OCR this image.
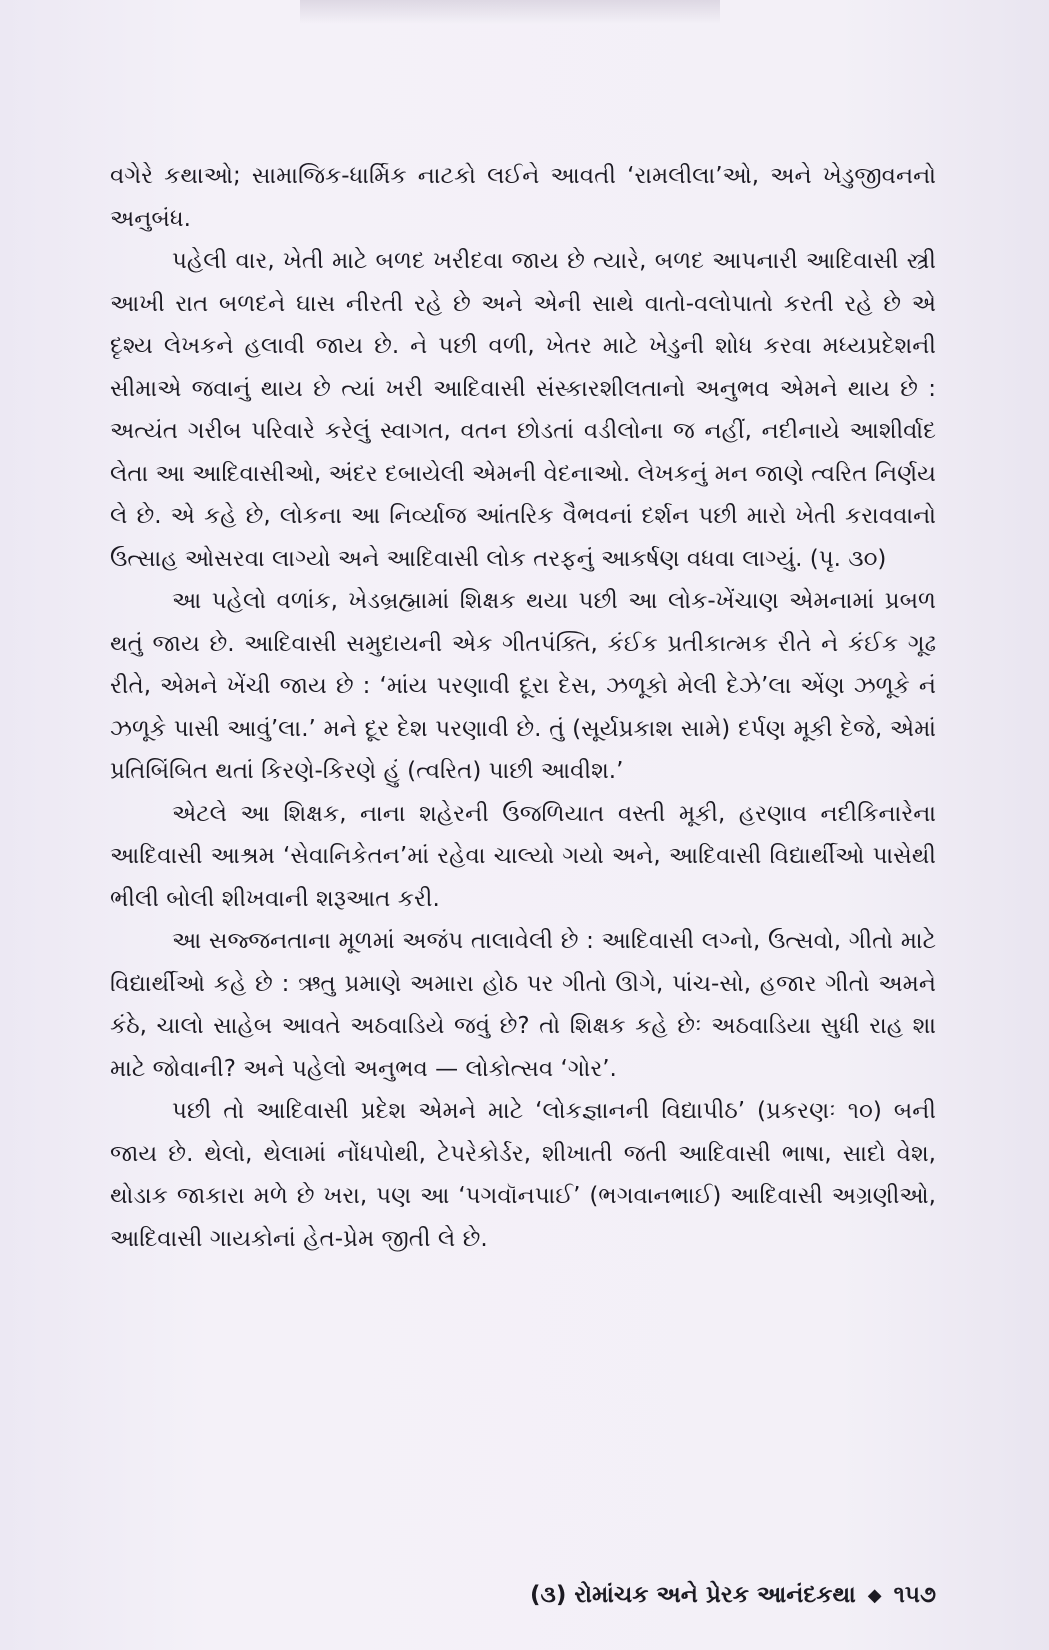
વગેરે કથાઓ; સામાજિક-ધાર્મિક નાટકો લઈને આવતી ‘રામલીલા’ઓ, અને ખેડુજીવનનો અનુબંધ.

પહેલી વાર, ખેતી માટે બળદ ખરીદવા જાય છે ત્યારે, બળદ આપનારી આદિવાસી સ્ત્રી આખી રાત બળદને ઘાસ નીરતી રહે છે અને એની સાથે વાતો-વલોપાતો કરતી રહે છે એ દૃશ્ય લેખકને હલાવી જાય છે. ને પછી વળી, ખેતર માટે ખેડુની શોધ કરવા મધ્યપ્રદેશની સીમાએ જવાનું થાય છે ત્યાં ખરી આદિવાસી સંસ્કારશીલતાનો અનુભવ એમને થાય છે : અત્યંત ગરીબ પરિવારે કરેલું સ્વાગત, વતન છોડતાં વડીલોના જ નહીં, નદીનાયે આશીર્વાદ લેતા આ આદિવાસીઓ, અંદર દબાયેલી એમની વેદનાઓ. લેખકનું મન જાણે ત્વરિત નિર્ણય લે છે. એ કહે છે, લોકના આ નિર્વ્યાજ આંતરિક વૈભવનાં દર્શન પછી મારો ખેતી કરાવવાનો ઉત્સાહ ઓસરવા લાગ્યો અને આદિવાસી લોક તરફનું આકર્ષણ વધવા લાગ્યું. (પૃ. ૩૦)

આ પહેલો વળાંક, ખેડબ્રહ્મામાં શિક્ષક થયા પછી આ લોક-ખેંચાણ એમનામાં પ્રબળ થતું જાય છે. આદિવાસી સમુદાયની એક ગીતપંક્તિ, કંઈક પ્રતીકાત્મક રીતે ને કંઈક ગૂઢ રીતે, એમને ખેંચી જાય છે : ‘માંય પરણાવી દૂરા દેસ, ઝળૂકો મેલી દેઝે’લા એંણ ઝળૂકે નં ઝળૂકે પાસી આવું’લા.’ મને દૂર દેશ પરણાવી છે. તું (સૂર્યપ્રકાશ સામે) દર્પણ મૂકી દેજે, એમાં પ્રતિબિંબિત થતાં કિરણે-કિરણે હું (ત્વરિત) પાછી આવીશ.’

એટલે આ શિક્ષક, નાના શહેરની ઉજળિયાત વસ્તી મૂકી, હરણાવ નદીકિનારેના આદિવાસી આશ્રમ ‘સેવાનિકેતન’માં રહેવા ચાલ્યો ગયો અને, આદિવાસી વિદ્યાર્થીઓ પાસેથી ભીલી બોલી શીખવાની શરૂઆત કરી.

આ સજ્જનતાના મૂળમાં અજંપ તાલાવેલી છે : આદિવાસી લગ્નો, ઉત્સવો, ગીતો માટે વિદ્યાર્થીઓ કહે છે : ઋતુ પ્રમાણે અમારા હોઠ પર ગીતો ઊગે, પાંચ-સો, હજાર ગીતો અમને કંઠે, ચાલો સાહેબ આવતે અઠવાડિયે જવું છે? તો શિક્ષક કહે છેઃ અઠવાડિયા સુધી રાહ શા માટે જોવાની? અને પહેલો અનુભવ — લોકોત્સવ ‘ગોર’.

પછી તો આદિવાસી પ્રદેશ એમને માટે ‘લોકજ્ઞાનની વિદ્યાપીઠ’ (પ્રકરણઃ ૧૦) બની જાય છે. થેલો, થેલામાં નોંધપોથી, ટેપરેકોર્ડર, શીખાતી જતી આદિવાસી ભાષા, સાદો વેશ, થોડાક જાકારા મળે છે ખરા, પણ આ ‘પગવૉનપાઈ’ (ભગવાનભાઈ) આદિવાસી અગ્રણીઓ, આદિવાસી ગાયકોનાં હેત-પ્રેમ જીતી લે છે.

(૩) રોમાંચક અને પ્રેરક આનંદકથા ◆ ૧૫૭
